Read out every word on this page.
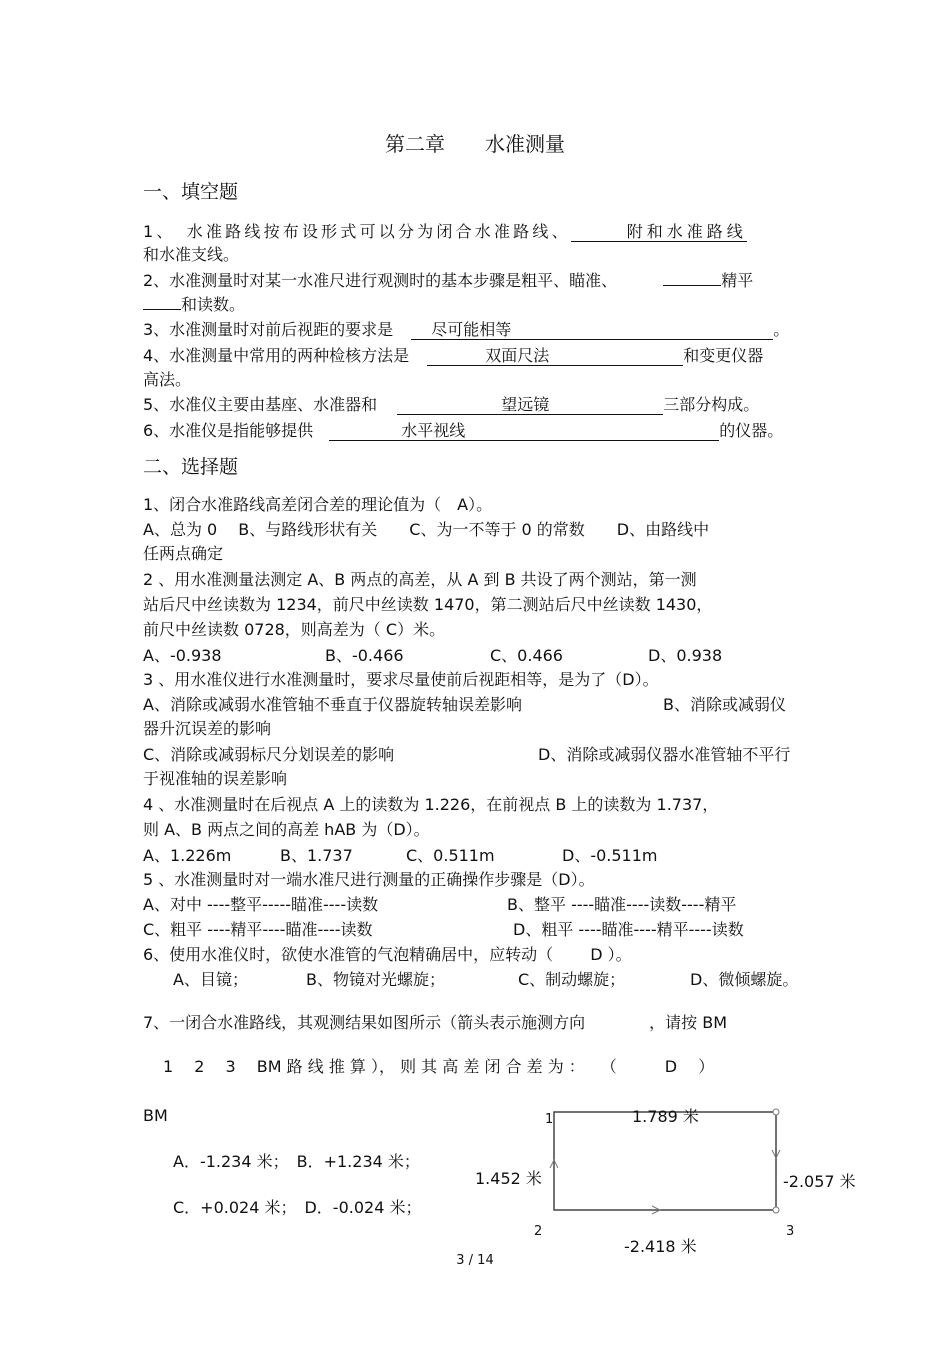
第二章　　水准测量
一、填空题
1、　水准路线按布设形式可以分为闭合水准路线、	附和水准路线
和水准支线。
2、水准测量时对某一水准尺进行观测时的基本步骤是粗平、瞄准、	精平
和读数。
3、水准测量时对前后视距的要求是 尽可能相等	。
4、水准测量中常用的两种检核方法是	双面尺法	和变更仪器
高法。
5、水准仪主要由基座、水准器和	望远镜	三部分构成。
6、水准仪是指能够提供	水平视线	的仪器。
二、选择题
1、闭合水准路线高差闭合差的理论值为（　A）。
A、总为 0　 B、与路线形状有关　　C、为一不等于 0 的常数　　D、由路线中
任两点确定
2 、用水准测量法测定 A、B 两点的高差，从 A 到 B 共设了两个测站，第一测
站后尺中丝读数为 1234，前尺中丝读数 1470，第二测站后尺中丝读数 1430，
前尺中丝读数 0728，则高差为（ C）米。
A、-0.938	B、-0.466	C、0.466	D、0.938
3 、用水准仪进行水准测量时，要求尽量使前后视距相等，是为了（D）。
A、消除或减弱水准管轴不垂直于仪器旋转轴误差影响	B、消除或减弱仪
器升沉误差的影响
C、消除或减弱标尺分划误差的影响	D、消除或减弱仪器水准管轴不平行
于视准轴的误差影响
4 、水准测量时在后视点 A 上的读数为 1.226，在前视点 B 上的读数为 1.737，
则 A、B 两点之间的高差 hAB 为（D）。
A、1.226m	B、1.737	C、0.511m	D、-0.511m
5 、水准测量时对一端水准尺进行测量的正确操作步骤是（D）。
A、对中 ----整平-----瞄准----读数	B、整平 ----瞄准----读数----精平
C、粗平 ----精平----瞄准----读数	D、粗平 ----瞄准----精平----读数
6、使用水准仪时，欲使水准管的气泡精确居中，应转动（　　 D ）。
A、目镜；	B、物镜对光螺旋；	C、制动螺旋；	D、微倾螺旋。
7、一闭合水准路线，其观测结果如图所示（箭头表示施测方向　　　　，请按 BM
1　 2　 3　 BM 路 线 推 算 ）， 则 其 高 差 闭 合 差 为 ：　　（　　　D　 ）
BM
A．-1.234 米；　B．+1.234 米；
C．+0.024 米；　D．-0.024 米；
1	1.789 米
1.452 米	-2.057 米
2	3
-2.418 米
3 / 14
